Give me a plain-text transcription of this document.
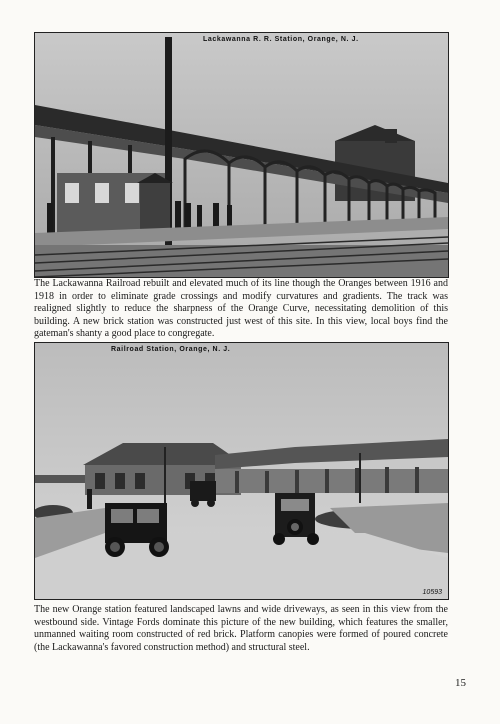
Lackawanna R. R. Station, Orange, N. J.

The Lackawanna Railroad rebuilt and elevated much of its line though the Oranges between 1916 and 1918 in order to eliminate grade crossings and modify curvatures and gradients. The track was realigned slightly to reduce the sharpness of the Orange Curve, necessitating demolition of this building. A new brick station was constructed just west of this site. In this view, local boys find the gateman's shanty a good place to congregate.

Railroad Station, Orange, N. J.
10593

The new Orange station featured landscaped lawns and wide driveways, as seen in this view from the westbound side. Vintage Fords dominate this picture of the new building, which features the smaller, unmanned waiting room constructed of red brick. Platform canopies were formed of poured concrete (the Lackawanna's favored construction method) and structural steel.

15
